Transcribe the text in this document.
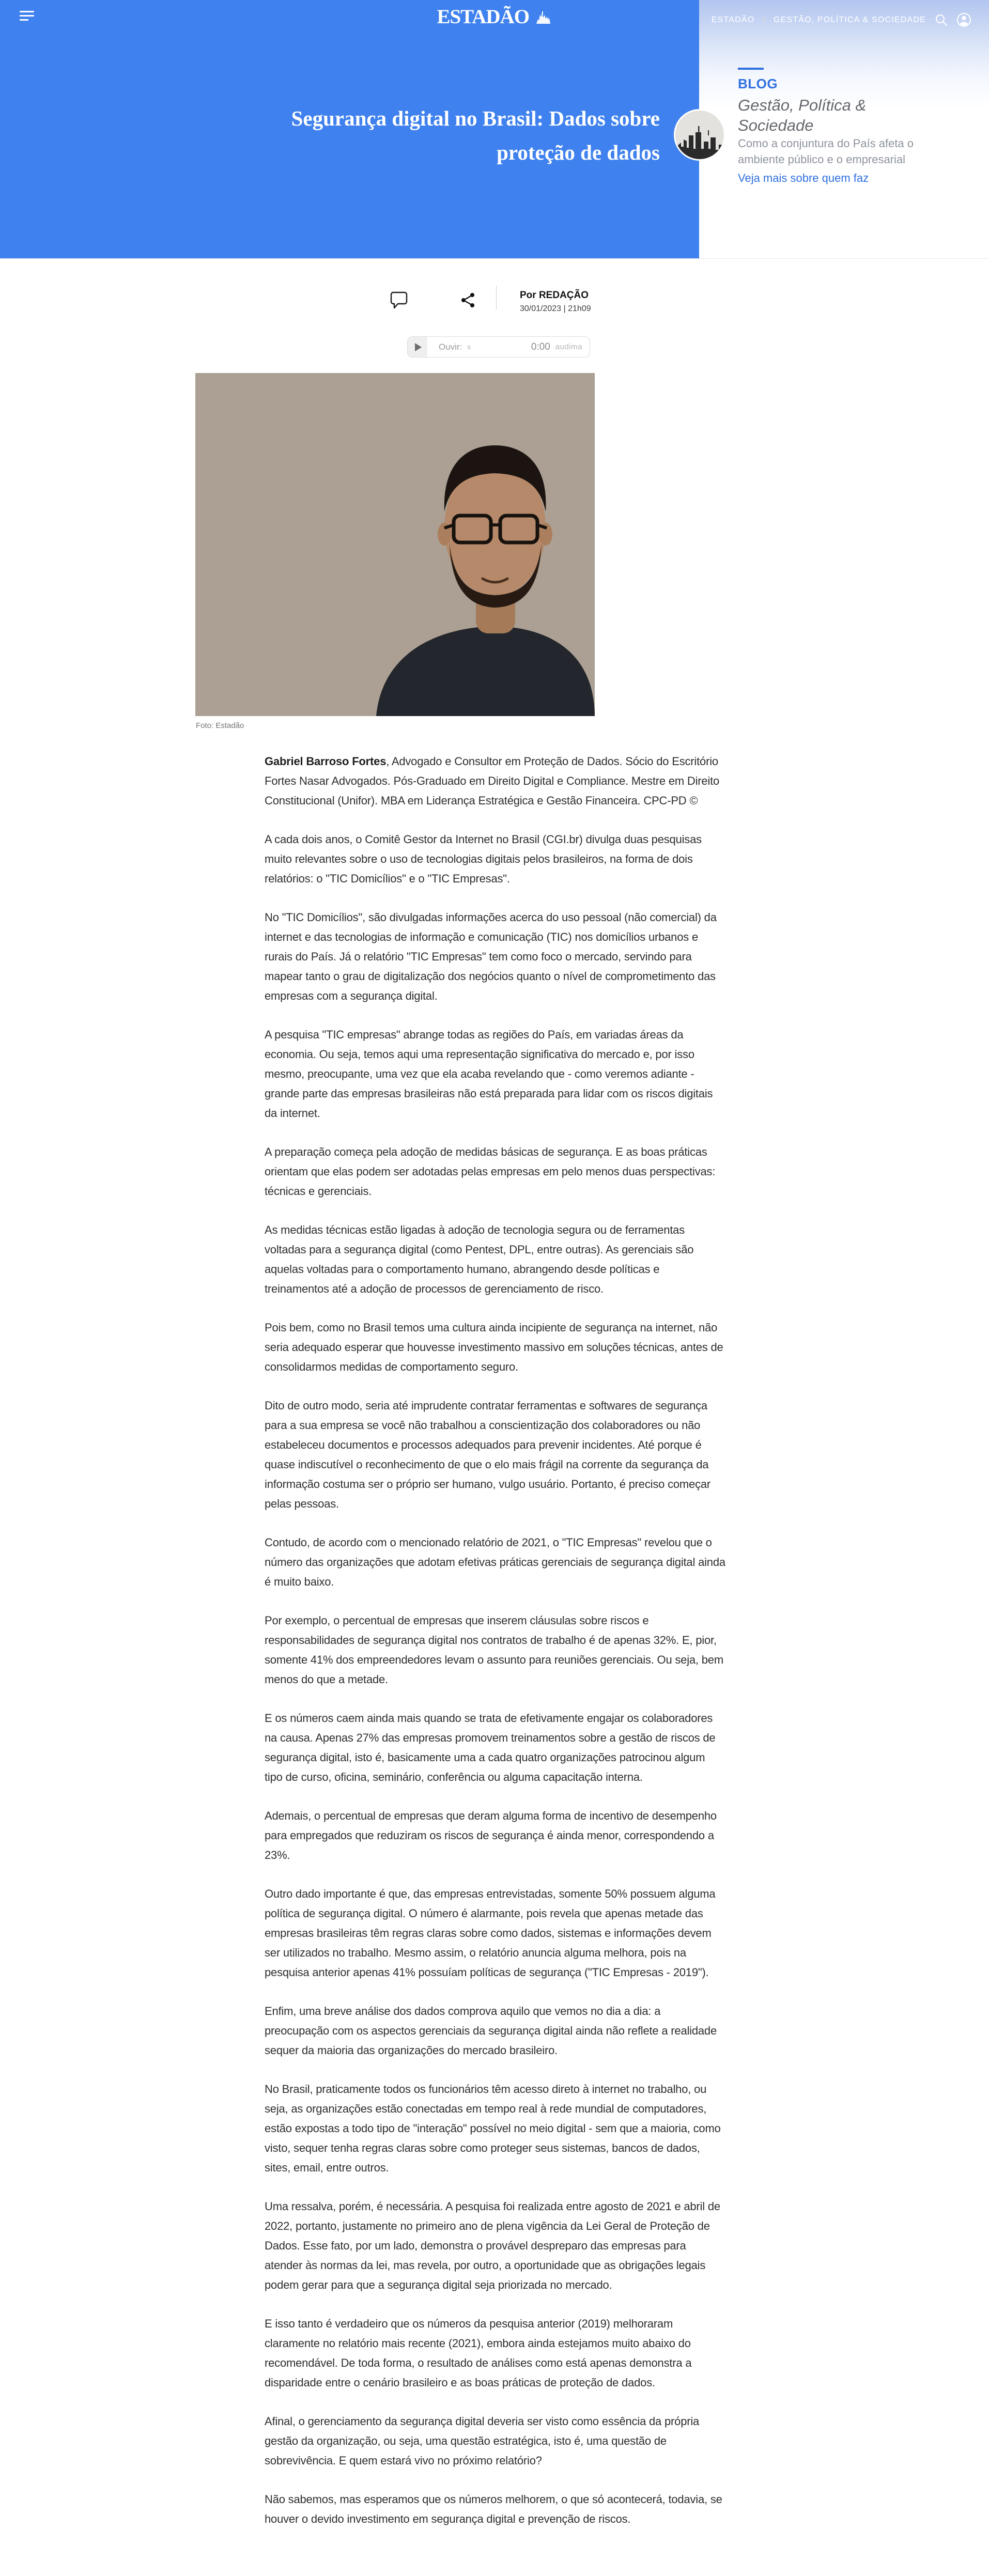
ESTADÃO	ESTADÃO / GESTÃO, POLÍTICA & SOCIEDADE
Segurança digital no Brasil: Dados sobre
proteção de dados
BLOG
Gestão, Política & Sociedade

Como a conjuntura do País afeta o ambiente público e o empresarial

Veja mais sobre quem faz
Por REDAÇÃO
30/01/2023 | 21h09
Ouvir: s	0:00 audima
Foto: Estadão

Gabriel Barroso Fortes, Advogado e Consultor em Proteção de Dados. Sócio do Escritório Fortes Nasar Advogados. Pós-Graduado em Direito Digital e Compliance. Mestre em Direito Constitucional (Unifor). MBA em Liderança Estratégica e Gestão Financeira. CPC-PD ©

A cada dois anos, o Comitê Gestor da Internet no Brasil (CGI.br) divulga duas pesquisas muito relevantes sobre o uso de tecnologias digitais pelos brasileiros, na forma de dois relatórios: o "TIC Domicílios" e o "TIC Empresas".

No "TIC Domicílios", são divulgadas informações acerca do uso pessoal (não comercial) da internet e das tecnologias de informação e comunicação (TIC) nos domicílios urbanos e rurais do País. Já o relatório "TIC Empresas" tem como foco o mercado, servindo para mapear tanto o grau de digitalização dos negócios quanto o nível de comprometimento das empresas com a segurança digital.

A pesquisa "TIC empresas" abrange todas as regiões do País, em variadas áreas da economia. Ou seja, temos aqui uma representação significativa do mercado e, por isso mesmo, preocupante, uma vez que ela acaba revelando que - como veremos adiante - grande parte das empresas brasileiras não está preparada para lidar com os riscos digitais da internet.

A preparação começa pela adoção de medidas básicas de segurança. E as boas práticas orientam que elas podem ser adotadas pelas empresas em pelo menos duas perspectivas: técnicas e gerenciais.

As medidas técnicas estão ligadas à adoção de tecnologia segura ou de ferramentas voltadas para a segurança digital (como Pentest, DPL, entre outras). As gerenciais são aquelas voltadas para o comportamento humano, abrangendo desde políticas e treinamentos até a adoção de processos de gerenciamento de risco.

Pois bem, como no Brasil temos uma cultura ainda incipiente de segurança na internet, não seria adequado esperar que houvesse investimento massivo em soluções técnicas, antes de consolidarmos medidas de comportamento seguro.

Dito de outro modo, seria até imprudente contratar ferramentas e softwares de segurança para a sua empresa se você não trabalhou a conscientização dos colaboradores ou não estabeleceu documentos e processos adequados para prevenir incidentes. Até porque é quase indiscutível o reconhecimento de que o elo mais frágil na corrente da segurança da informação costuma ser o próprio ser humano, vulgo usuário. Portanto, é preciso começar pelas pessoas.

Contudo, de acordo com o mencionado relatório de 2021, o "TIC Empresas" revelou que o número das organizações que adotam efetivas práticas gerenciais de segurança digital ainda é muito baixo.

Por exemplo, o percentual de empresas que inserem cláusulas sobre riscos e responsabilidades de segurança digital nos contratos de trabalho é de apenas 32%. E, pior, somente 41% dos empreendedores levam o assunto para reuniões gerenciais. Ou seja, bem menos do que a metade.

E os números caem ainda mais quando se trata de efetivamente engajar os colaboradores na causa. Apenas 27% das empresas promovem treinamentos sobre a gestão de riscos de segurança digital, isto é, basicamente uma a cada quatro organizações patrocinou algum tipo de curso, oficina, seminário, conferência ou alguma capacitação interna.

Ademais, o percentual de empresas que deram alguma forma de incentivo de desempenho para empregados que reduziram os riscos de segurança é ainda menor, correspondendo a 23%.

Outro dado importante é que, das empresas entrevistadas, somente 50% possuem alguma política de segurança digital. O número é alarmante, pois revela que apenas metade das empresas brasileiras têm regras claras sobre como dados, sistemas e informações devem ser utilizados no trabalho. Mesmo assim, o relatório anuncia alguma melhora, pois na pesquisa anterior apenas 41% possuíam políticas de segurança ("TIC Empresas - 2019").

Enfim, uma breve análise dos dados comprova aquilo que vemos no dia a dia: a preocupação com os aspectos gerenciais da segurança digital ainda não reflete a realidade sequer da maioria das organizações do mercado brasileiro.

No Brasil, praticamente todos os funcionários têm acesso direto à internet no trabalho, ou seja, as organizações estão conectadas em tempo real à rede mundial de computadores, estão expostas a todo tipo de "interação" possível no meio digital - sem que a maioria, como visto, sequer tenha regras claras sobre como proteger seus sistemas, bancos de dados, sites, email, entre outros.

Uma ressalva, porém, é necessária. A pesquisa foi realizada entre agosto de 2021 e abril de 2022, portanto, justamente no primeiro ano de plena vigência da Lei Geral de Proteção de Dados. Esse fato, por um lado, demonstra o provável despreparo das empresas para atender às normas da lei, mas revela, por outro, a oportunidade que as obrigações legais podem gerar para que a segurança digital seja priorizada no mercado.

E isso tanto é verdadeiro que os números da pesquisa anterior (2019) melhoraram claramente no relatório mais recente (2021), embora ainda estejamos muito abaixo do recomendável. De toda forma, o resultado de análises como está apenas demonstra a disparidade entre o cenário brasileiro e as boas práticas de proteção de dados.

Afinal, o gerenciamento da segurança digital deveria ser visto como essência da própria gestão da organização, ou seja, uma questão estratégica, isto é, uma questão de sobrevivência. E quem estará vivo no próximo relatório?

Não sabemos, mas esperamos que os números melhorem, o que só acontecerá, todavia, se houver o devido investimento em segurança digital e prevenção de riscos.
